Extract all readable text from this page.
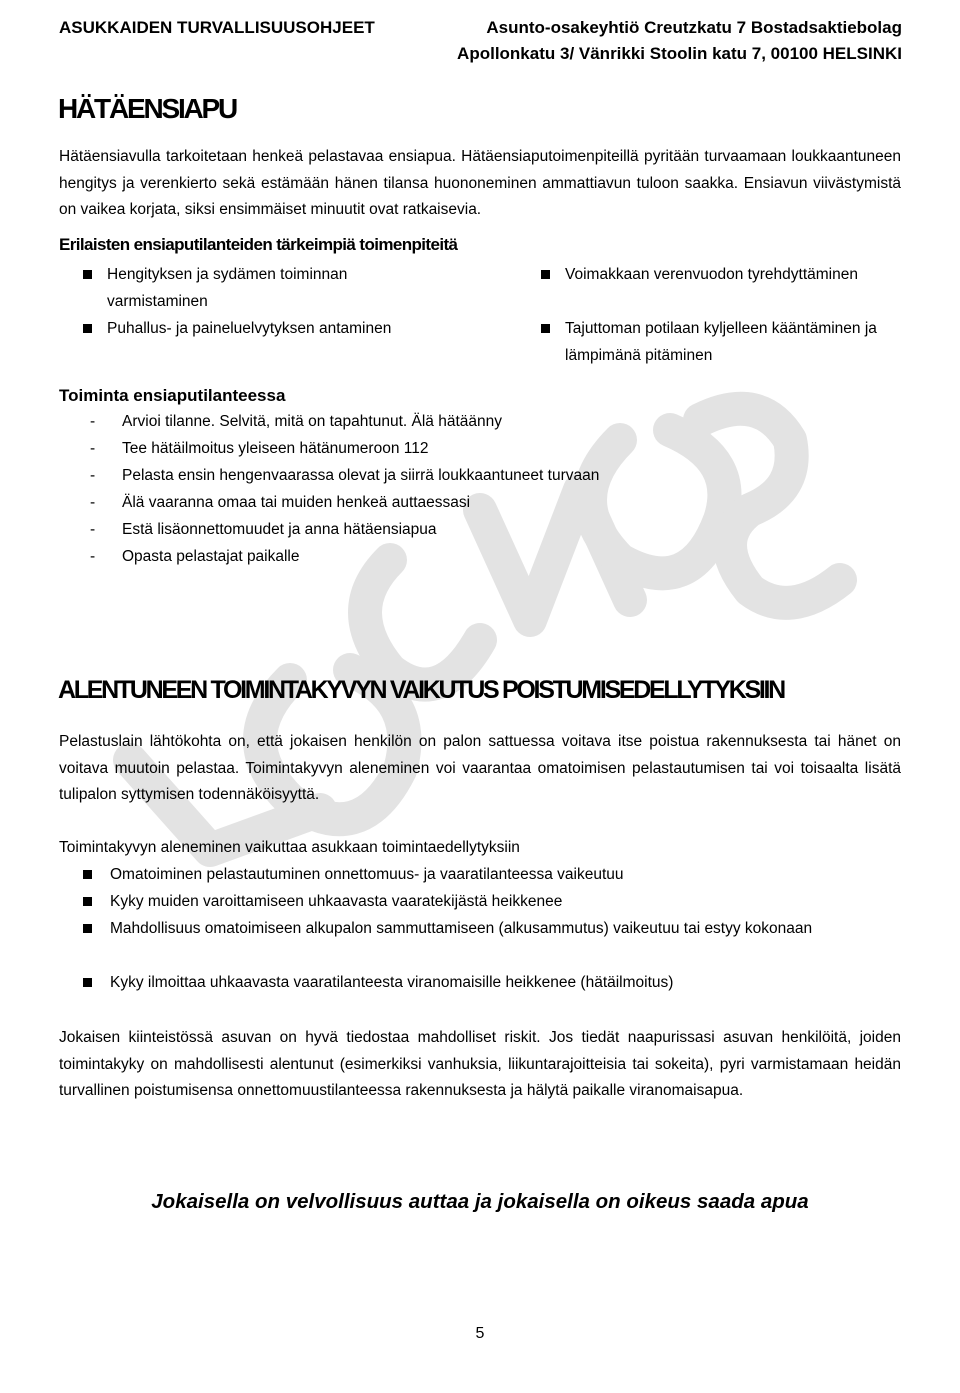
ASUKKAIDEN TURVALLISUUSOHJEET	Asunto-osakeyhtiö Creutzkatu 7 Bostadsaktiebolag
Apollonkatu 3/ Vänrikki Stoolin katu 7, 00100 HELSINKI
HÄTÄENSIAPU
Hätäensiavulla tarkoitetaan henkeä pelastavaa ensiapua. Hätäensiaputoimenpiteillä pyritään turvaamaan loukkaantuneen hengitys ja verenkierto sekä estämään hänen tilansa huononeminen ammattiavun tuloon saakka. Ensiavun viivästymistä on vaikea korjata, siksi ensimmäiset minuutit ovat ratkaisevia.
Erilaisten ensiaputilanteiden tärkeimpiä toimenpiteitä
Hengityksen ja sydämen toiminnan varmistaminen
Voimakkaan verenvuodon tyrehdyttäminen
Puhallus- ja paineluelvytyksen antaminen	Tajuttoman potilaan kyljelleen kääntäminen ja lämpimänä pitäminen
Toiminta ensiaputilanteessa
- Arvioi tilanne. Selvitä, mitä on tapahtunut. Älä hätäänny
- Tee hätäilmoitus yleiseen hätänumeroon 112
- Pelasta ensin hengenvaarassa olevat ja siirrä loukkaantuneet turvaan
- Älä vaaranna omaa tai muiden henkeä auttaessasi
- Estä lisäonnettomuudet ja anna hätäensiapua
- Opasta pelastajat paikalle
ALENTUNEEN TOIMINTAKYVYN VAIKUTUS POISTUMISEDELLYTYKSIIN
Pelastuslain lähtökohta on, että jokaisen henkilön on palon sattuessa voitava itse poistua rakennuksesta tai hänet on voitava muutoin pelastaa. Toimintakyvyn aleneminen voi vaarantaa omatoimisen pelastautumisen tai voi toisaalta lisätä tulipalon syttymisen todennäköisyyttä.
Toimintakyvyn aleneminen vaikuttaa asukkaan toimintaedellytyksiin
Omatoiminen pelastautuminen onnettomuus- ja vaaratilanteessa vaikeutuu
Kyky muiden varoittamiseen uhkaavasta vaaratekijästä heikkenee
Mahdollisuus omatoimiseen alkupalon sammuttamiseen (alkusammutus) vaikeutuu tai estyy kokonaan
Kyky ilmoittaa uhkaavasta vaaratilanteesta viranomaisille heikkenee (hätäilmoitus)
Jokaisen kiinteistössä asuvan on hyvä tiedostaa mahdolliset riskit. Jos tiedät naapurissasi asuvan henkilöitä, joiden toimintakyky on mahdollisesti alentunut (esimerkiksi vanhuksia, liikuntarajoitteisia tai sokeita), pyri varmistamaan heidän turvallinen poistumisensa onnettomuustilanteessa rakennuksesta ja hälytä paikalle viranomaisapua.
Jokaisella on velvollisuus auttaa ja jokaisella on oikeus saada apua
5
